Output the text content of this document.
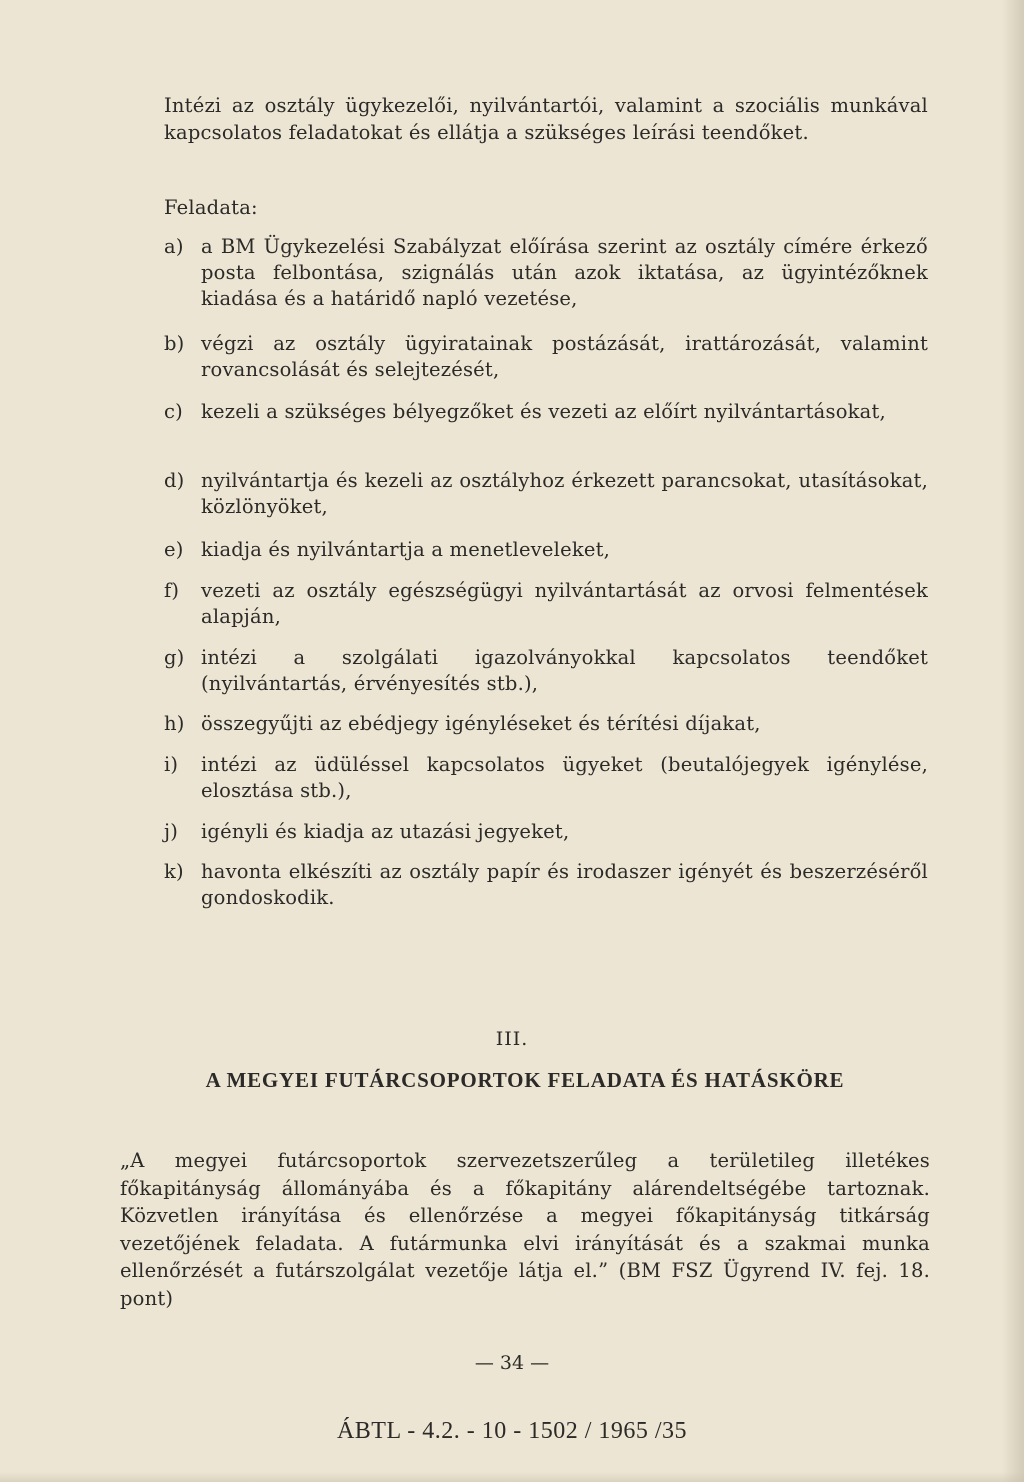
Intézi az osztály ügykezelői, nyilvántartói, valamint a szociális munkával kapcsolatos feladatokat és ellátja a szükséges leírási teendőket.
Feladata:
a) a BM Ügykezelési Szabályzat előírása szerint az osztály címére érkező posta felbontása, szignálás után azok iktatása, az ügyintézőknek kiadása és a határidő napló vezetése,
b) végzi az osztály ügyiratainak postázását, irattározását, valamint rovancsolását és selejtezését,
c) kezeli a szükséges bélyegzőket és vezeti az előírt nyilvántartásokat,
d) nyilvántartja és kezeli az osztályhoz érkezett parancsokat, utasításokat, közlönyöket,
e) kiadja és nyilvántartja a menetleveleket,
f)	vezeti az osztály egészségügyi nyilvántartását az orvosi felmentések alapján,
g) intézi a szolgálati igazolványokkal kapcsolatos teendőket (nyilvántartás, érvényesítés stb.),
h) összegyűjti az ebédjegy igényléseket és térítési díjakat,
i)	intézi az üdüléssel kapcsolatos ügyeket (beutalójegyek igénylése, elosztása stb.),
j)	igényli és kiadja az utazási jegyeket,
k) havonta elkészíti az osztály papír és irodaszer igényét és beszerzéséről gondoskodik.
III.
A MEGYEI FUTÁRCSOPORTOK FELADATA ÉS HATÁSKÖRE
„A megyei futárcsoportok szervezetszerűleg a területileg illetékes főkapitányság állományába és a főkapitány alárendeltségébe tartoznak. Közvetlen irányítása és ellenőrzése a megyei főkapitányság titkárság vezetőjének feladata. A futármunka elvi irányítását és a szakmai munka ellenőrzését a futárszolgálat vezetője látja el.” (BM FSZ Ügyrend IV. fej. 18. pont)
— 34 —
ÁBTL - 4.2. - 10 - 1502 / 1965 /35
